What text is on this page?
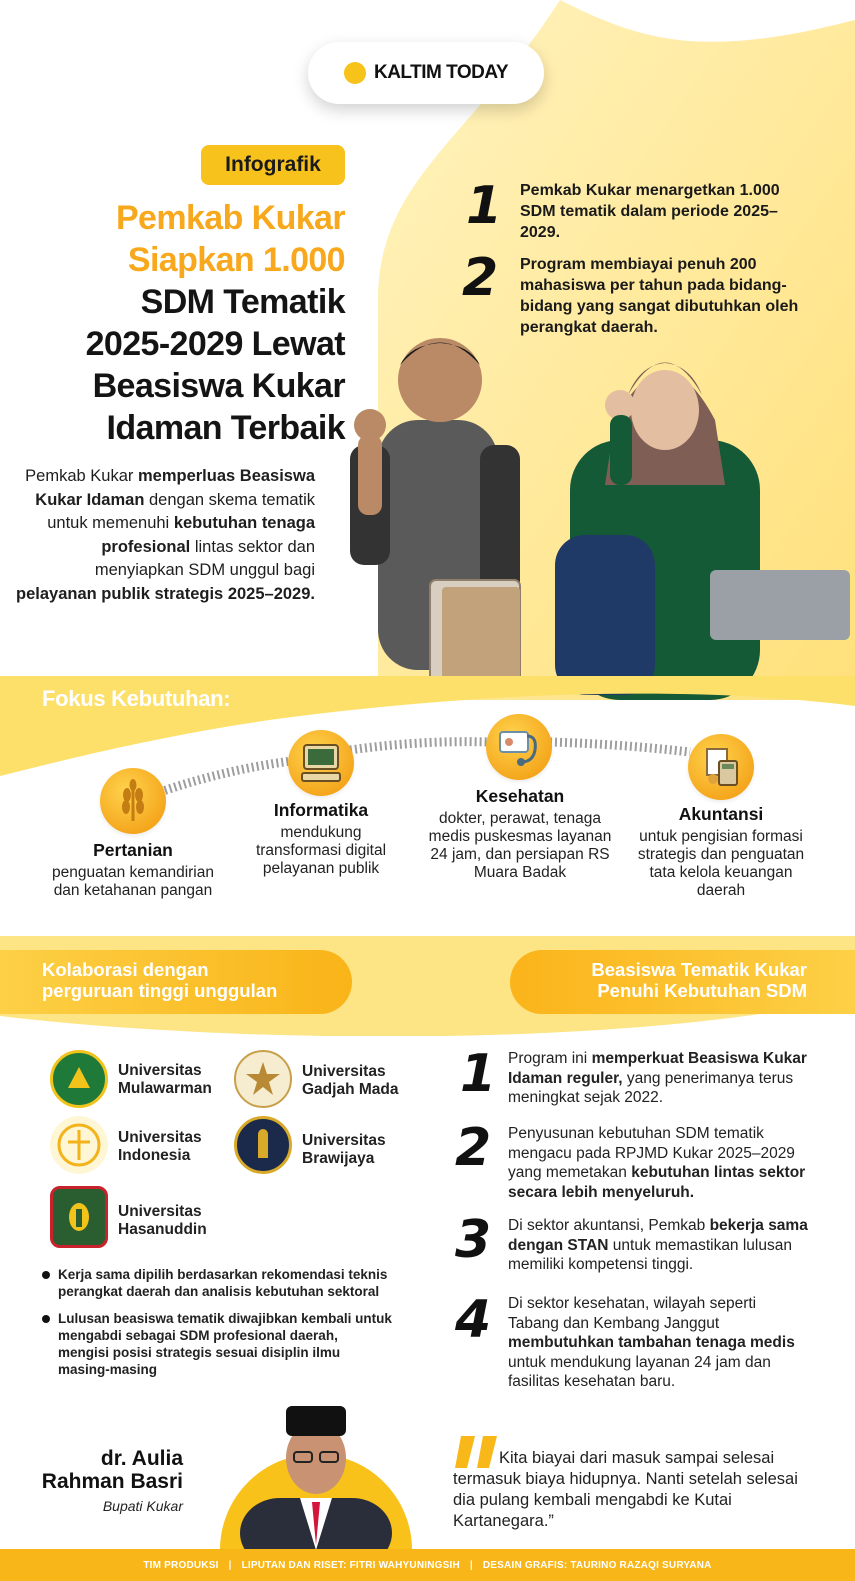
KALTIM TODAY
Infografik
Pemkab Kukar
Siapkan 1.000
SDM Tematik
2025-2029 Lewat
Beasiswa Kukar
Idaman Terbaik
Pemkab Kukar memperluas Beasiswa Kukar Idaman dengan skema tematik untuk memenuhi kebutuhan tenaga profesional lintas sektor dan menyiapkan SDM unggul bagi pelayanan publik strategis 2025–2029.
1 Pemkab Kukar menargetkan 1.000 SDM tematik dalam periode 2025–2029.
2 Program membiayai penuh 200 mahasiswa per tahun pada bidang-bidang yang sangat dibutuhkan oleh perangkat daerah.
Fokus Kebutuhan:
Pertanian
penguatan kemandirian dan ketahanan pangan
Informatika
mendukung transformasi digital pelayanan publik
Kesehatan
dokter, perawat, tenaga medis puskesmas layanan 24 jam, dan persiapan RS Muara Badak
Akuntansi
untuk pengisian formasi strategis dan penguatan tata kelola keuangan daerah
Kolaborasi dengan
perguruan tinggi unggulan
Beasiswa Tematik Kukar
Penuhi Kebutuhan SDM
Universitas
Mulawarman
Universitas
Gadjah Mada
Universitas
Indonesia
Universitas
Brawijaya
Universitas
Hasanuddin
Kerja sama dipilih berdasarkan rekomendasi teknis perangkat daerah dan analisis kebutuhan sektoral
Lulusan beasiswa tematik diwajibkan kembali untuk mengabdi sebagai SDM profesional daerah, mengisi posisi strategis sesuai disiplin ilmu masing-masing
1 Program ini memperkuat Beasiswa Kukar Idaman reguler, yang penerimanya terus meningkat sejak 2022.
2 Penyusunan kebutuhan SDM tematik mengacu pada RPJMD Kukar 2025–2029 yang memetakan kebutuhan lintas sektor secara lebih menyeluruh.
3 Di sektor akuntansi, Pemkab bekerja sama dengan STAN untuk memastikan lulusan memiliki kompetensi tinggi.
4 Di sektor kesehatan, wilayah seperti Tabang dan Kembang Janggut membutuhkan tambahan tenaga medis untuk mendukung layanan 24 jam dan fasilitas kesehatan baru.
dr. Aulia
Rahman Basri
Bupati Kukar
Kita biayai dari masuk sampai selesai termasuk biaya hidupnya. Nanti setelah selesai dia pulang kembali mengabdi ke Kutai Kartanegara.”
TIM PRODUKSI | LIPUTAN DAN RISET: FITRI WAHYUNINGSIH | DESAIN GRAFIS: TAURINO RAZAQI SURYANA
